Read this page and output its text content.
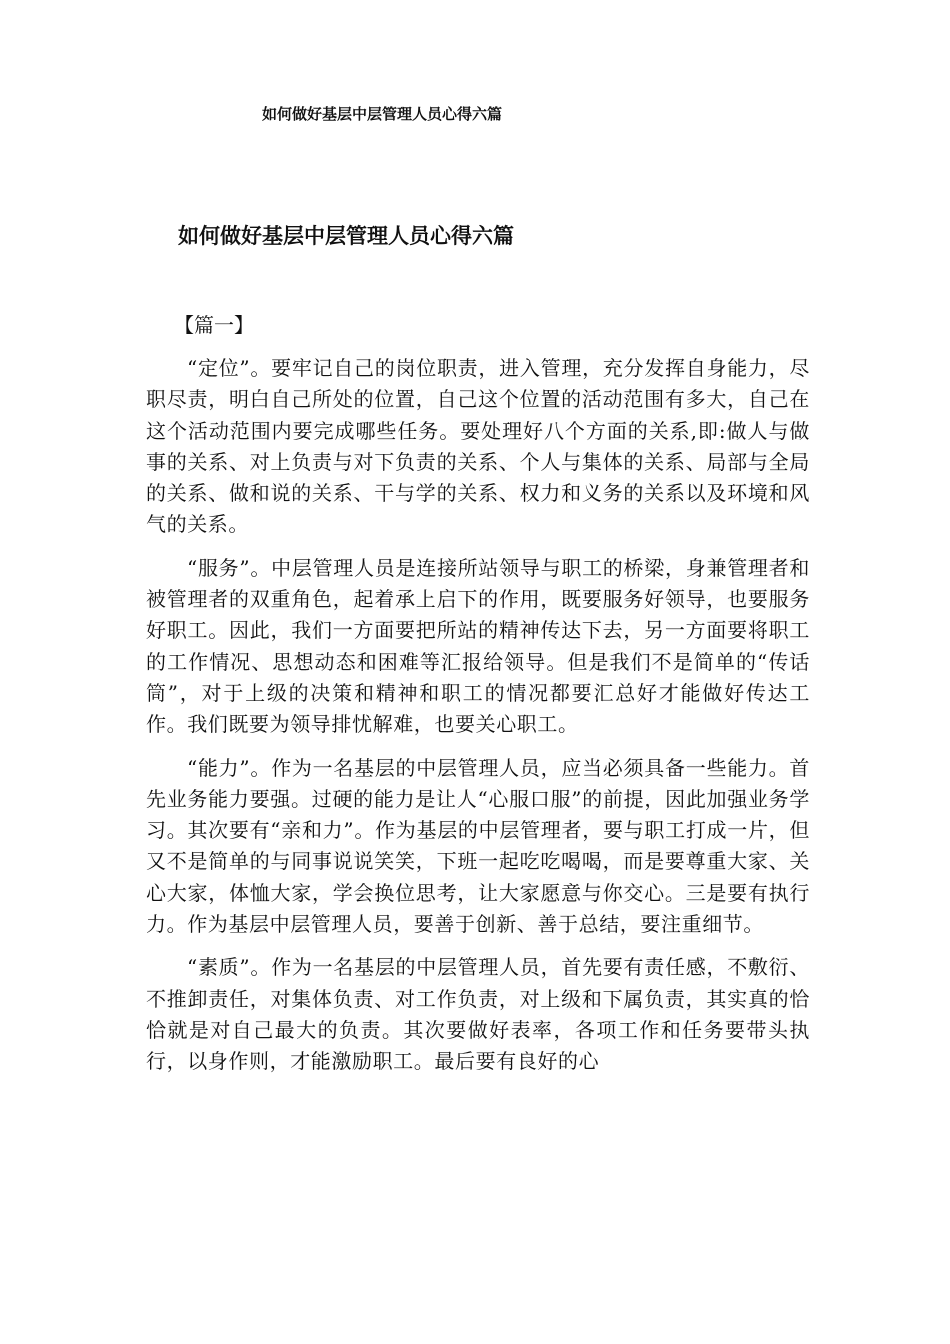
如何做好基层中层管理人员心得六篇
如何做好基层中层管理人员心得六篇

【篇一】

“定位”。要牢记自己的岗位职责，进入管理，充分发挥自身能力，尽职尽责，明白自己所处的位置，自己这个位置的活动范围有多大，自己在这个活动范围内要完成哪些任务。要处理好八个方面的关系,即:做人与做事的关系、对上负责与对下负责的关系、个人与集体的关系、局部与全局的关系、做和说的关系、干与学的关系、权力和义务的关系以及环境和风气的关系。

“服务”。中层管理人员是连接所站领导与职工的桥梁，身兼管理者和被管理者的双重角色，起着承上启下的作用，既要服务好领导，也要服务好职工。因此，我们一方面要把所站的精神传达下去，另一方面要将职工的工作情况、思想动态和困难等汇报给领导。但是我们不是简单的“传话筒”，对于上级的决策和精神和职工的情况都要汇总好才能做好传达工作。我们既要为领导排忧解难，也要关心职工。

“能力”。作为一名基层的中层管理人员，应当必须具备一些能力。首先业务能力要强。过硬的能力是让人“心服口服”的前提，因此加强业务学习。其次要有“亲和力”。作为基层的中层管理者，要与职工打成一片，但又不是简单的与同事说说笑笑，下班一起吃吃喝喝，而是要尊重大家、关心大家，体恤大家，学会换位思考，让大家愿意与你交心。三是要有执行力。作为基层中层管理人员，要善于创新、善于总结，要注重细节。

“素质”。作为一名基层的中层管理人员，首先要有责任感，不敷衍、不推卸责任，对集体负责、对工作负责，对上级和下属负责，其实真的恰恰就是对自己最大的负责。其次要做好表率，各项工作和任务要带头执行，以身作则，才能激励职工。最后要有良好的心
